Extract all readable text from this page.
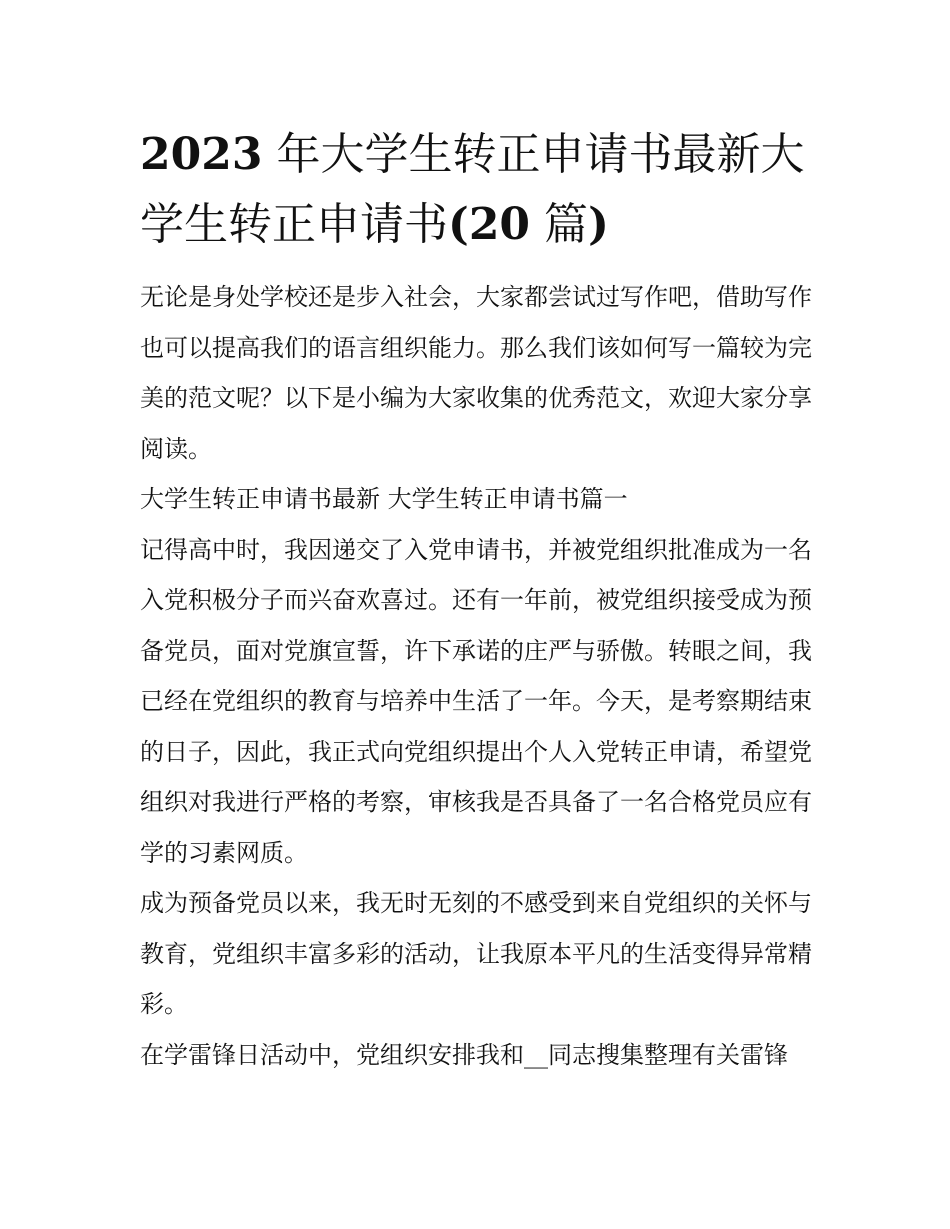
2023 年大学生转正申请书最新大学生转正申请书(20 篇)

无论是身处学校还是步入社会，大家都尝试过写作吧，借助写作也可以提高我们的语言组织能力。那么我们该如何写一篇较为完美的范文呢？以下是小编为大家收集的优秀范文，欢迎大家分享阅读。

大学生转正申请书最新 大学生转正申请书篇一

记得高中时，我因递交了入党申请书，并被党组织批准成为一名入党积极分子而兴奋欢喜过。还有一年前，被党组织接受成为预备党员，面对党旗宣誓，许下承诺的庄严与骄傲。转眼之间，我已经在党组织的教育与培养中生活了一年。今天，是考察期结束的日子，因此，我正式向党组织提出个人入党转正申请，希望党组织对我进行严格的考察，审核我是否具备了一名合格党员应有学的习素网质。

成为预备党员以来，我无时无刻的不感受到来自党组织的关怀与教育，党组织丰富多彩的活动，让我原本平凡的生活变得异常精彩。

在学雷锋日活动中，党组织安排我和__同志搜集整理有关雷锋
